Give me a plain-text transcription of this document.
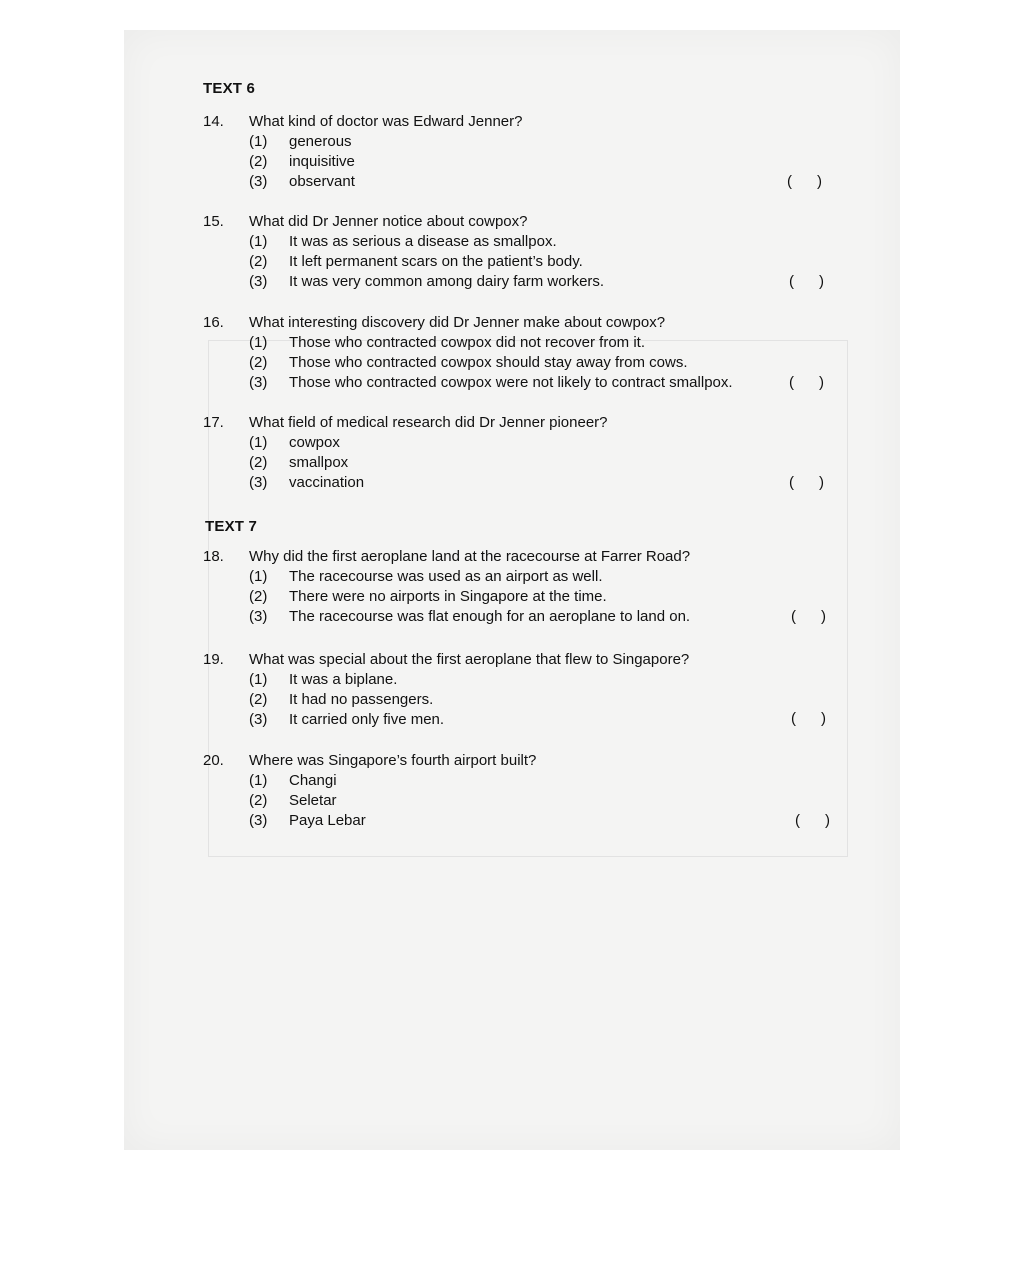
TEXT 6
14. What kind of doctor was Edward Jenner?
(1) generous
(2) inquisitive
(3) observant	(      )
15. What did Dr Jenner notice about cowpox?
(1) It was as serious a disease as smallpox.
(2) It left permanent scars on the patient’s body.
(3) It was very common among dairy farm workers.	(      )
16. What interesting discovery did Dr Jenner make about cowpox?
(1) Those who contracted cowpox did not recover from it.
(2) Those who contracted cowpox should stay away from cows.
(3) Those who contracted cowpox were not likely to contract smallpox.	(      )
17. What field of medical research did Dr Jenner pioneer?
(1) cowpox
(2) smallpox
(3) vaccination	(      )
TEXT 7
18. Why did the first aeroplane land at the racecourse at Farrer Road?
(1) The racecourse was used as an airport as well.
(2) There were no airports in Singapore at the time.
(3) The racecourse was flat enough for an aeroplane to land on.	(      )
19. What was special about the first aeroplane that flew to Singapore?
(1) It was a biplane.
(2) It had no passengers.
(3) It carried only five men.	(      )
20. Where was Singapore’s fourth airport built?
(1) Changi
(2) Seletar
(3) Paya Lebar	(      )
